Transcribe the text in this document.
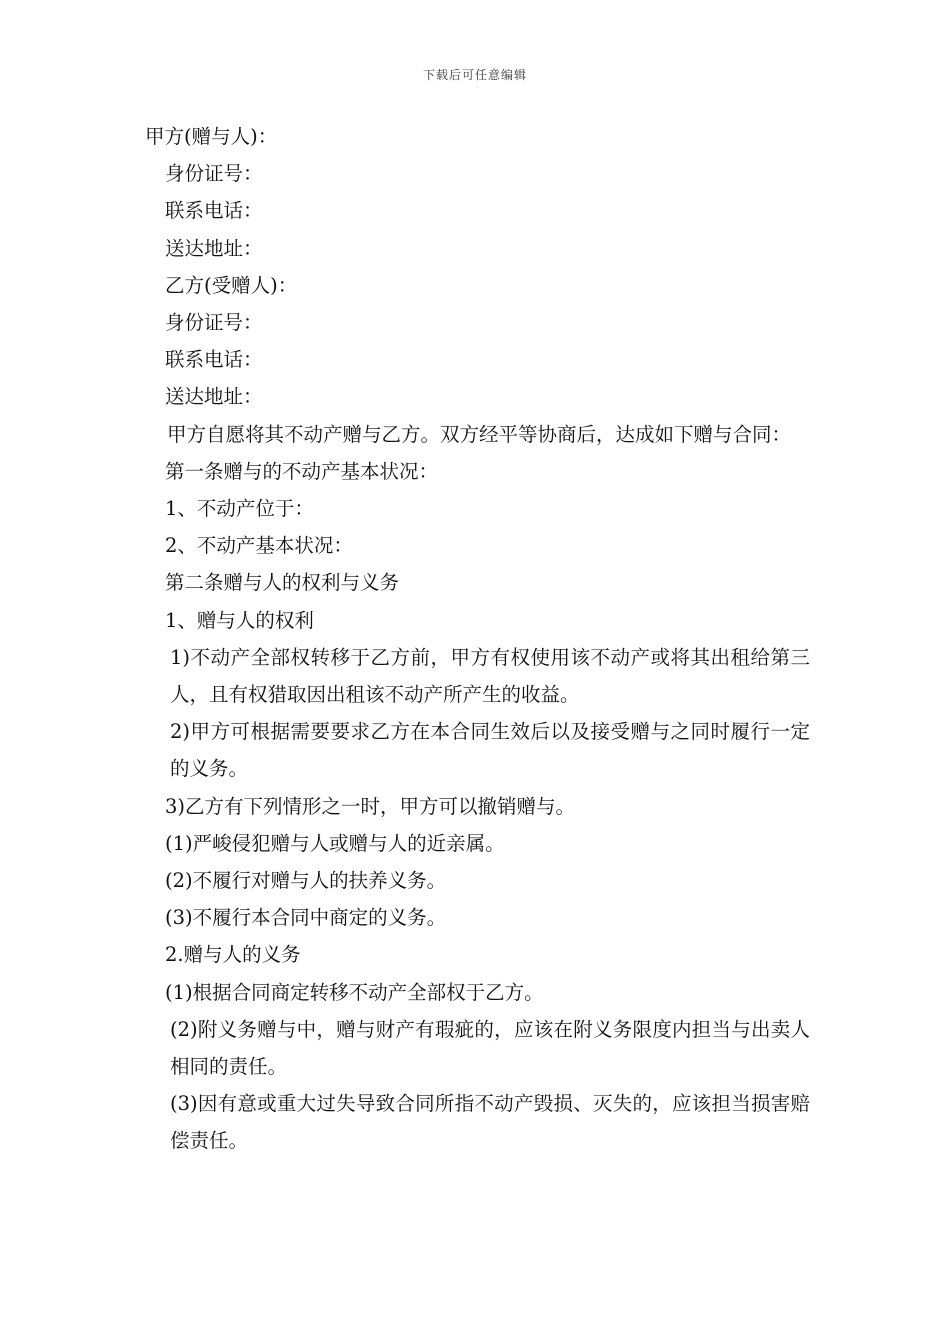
下载后可任意编辑

甲方(赠与人)：

身份证号：

联系电话：

送达地址：

乙方(受赠人)：

身份证号：

联系电话：

送达地址：

甲方自愿将其不动产赠与乙方。双方经平等协商后，达成如下赠与合同：

第一条赠与的不动产基本状况：

1、不动产位于：

2、不动产基本状况：

第二条赠与人的权利与义务

1、赠与人的权利

1)不动产全部权转移于乙方前，甲方有权使用该不动产或将其出租给第三人，且有权猎取因出租该不动产所产生的收益。

2)甲方可根据需要要求乙方在本合同生效后以及接受赠与之同时履行一定的义务。

3)乙方有下列情形之一时，甲方可以撤销赠与。

(1)严峻侵犯赠与人或赠与人的近亲属。

(2)不履行对赠与人的扶养义务。

(3)不履行本合同中商定的义务。

2.赠与人的义务

(1)根据合同商定转移不动产全部权于乙方。

(2)附义务赠与中，赠与财产有瑕疵的，应该在附义务限度内担当与出卖人相同的责任。

(3)因有意或重大过失导致合同所指不动产毁损、灭失的，应该担当损害赔偿责任。
